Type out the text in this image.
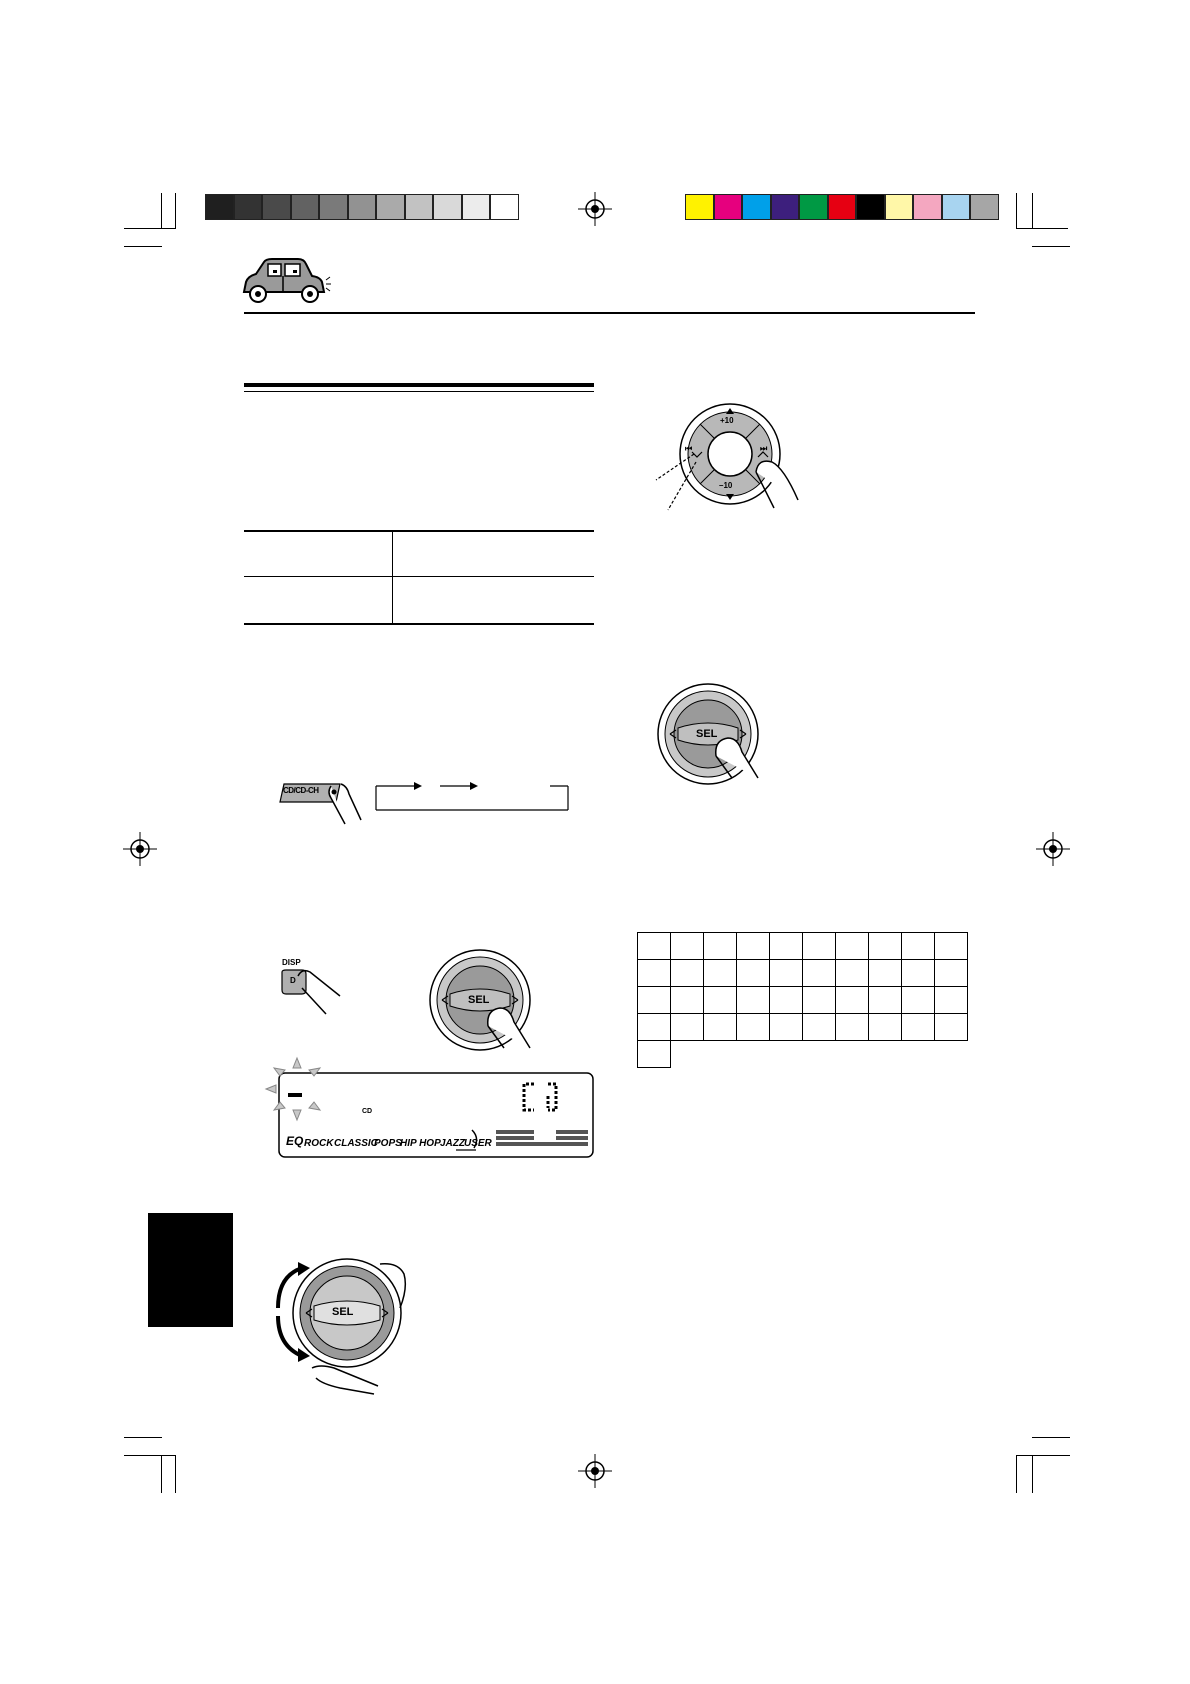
CD/CD-CH
DISP
D
SEL
CD
EQ ROCK CLASSIC
POPS
HIP HOP JAZZ USER
SEL
+10
–10
⏮	⏭
SEL
